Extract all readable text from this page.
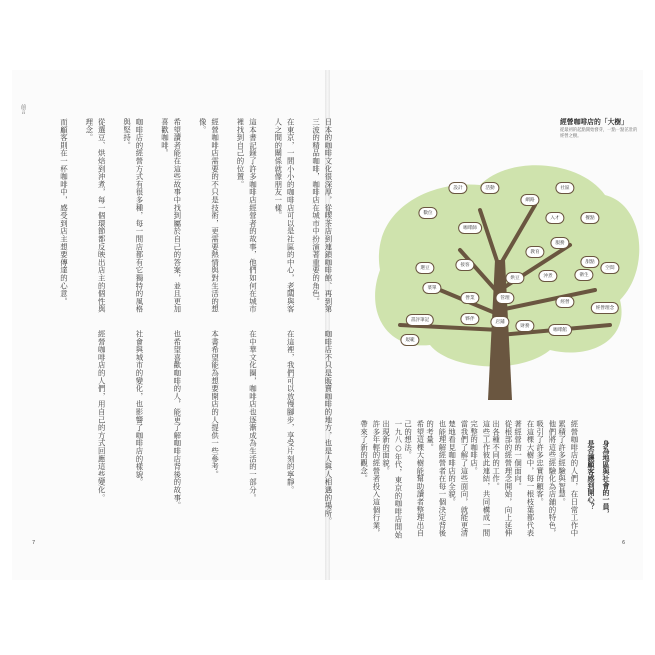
前言
7	6
日本的咖啡文化很深厚，從喫茶店到連鎖咖啡館、再到第三波的精品咖啡，咖啡店在城市中扮演著重要的角色。
在東京，一間小小的咖啡店可以是社區的中心，老闆與客人之間的關係就像朋友一樣。
這本書記錄了許多咖啡店經營者的故事，他們如何在城市裡找到自己的位置。
經營咖啡店需要的不只是技術，更需要熱情與對生活的想像。
希望讀者能在這些故事中找到屬於自己的答案，並且更加喜歡咖啡。
咖啡店的經營方式有很多種，每一間店都有它獨特的風格與堅持。
從選豆、烘焙到沖煮，每一個環節都反映出店主的個性與理念。
而顧客則在一杯咖啡中，感受到店主想要傳達的心意。
咖啡店不只是販賣咖啡的地方，也是人與人相遇的場所。
在這裡，我們可以放慢腳步，享受片刻的寧靜。
在中華文化圈，咖啡店也逐漸成為生活的一部分。
本書希望能為想要開店的人提供一些參考。
也希望喜歡咖啡的人，能更了解咖啡店背後的故事。
社會與城市的變化，也影響了咖啡店的樣貌。
經營咖啡店的人們，用自己的方式回應這些變化。
經營咖啡店的「大樹」
從最初的起點開始發芽，一點一點茁壯的經營之樹。
設計	活動
網路
社區
入才	餐點
數位
咖啡師
教育
服務
衛生
甜點
空間
選豆
接客
烘豆	沖煮
管理
經營
財務
營業
書評筆記	夥伴
規範
經營理念
菜單
店鋪
咖啡館
身為地區與社會的一員，
是否讓顧客感到開心？
經營咖啡店的人們，在日常工作中累積了許多經驗與智慧。
他們將這些經驗化為店鋪的特色，吸引了許多忠實的顧客。
在這棵大樹中，每一根枝葉都代表著經營的一個面向。
從根部的經營理念開始，向上延伸出各種不同的工作。
這些工作彼此連結，共同構成一間完整的咖啡店。
當我們了解了這些面向，就能更清楚地看見咖啡店的全貌。
也能理解經營者在每一個決定背後的考量。
希望這棵大樹能幫助讀者整理出自己的想法。
一九八○年代，東京的咖啡店開始出現新的面貌。
許多年輕的經營者投入這個行業，帶來了新的觀念。
